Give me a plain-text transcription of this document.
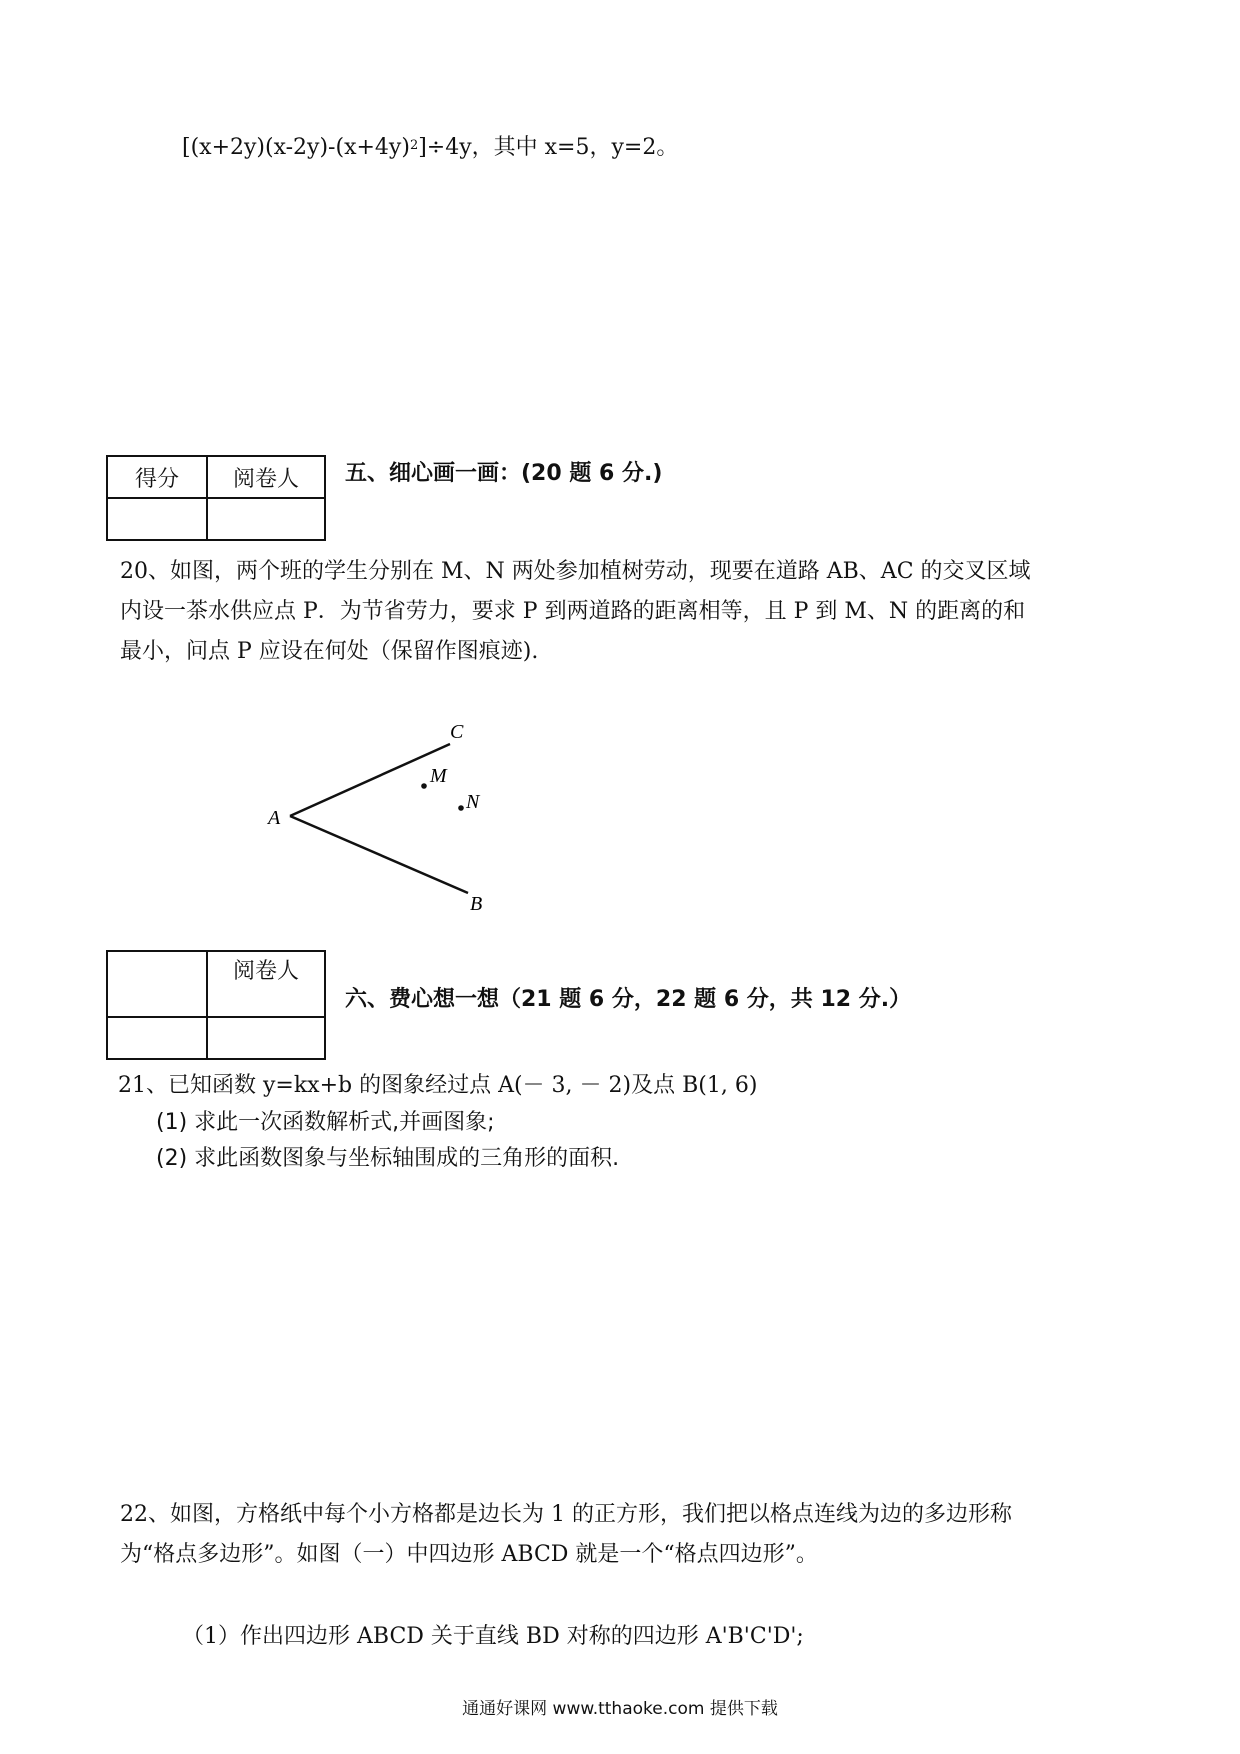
$[(x+2y)(x-2y)-(x+4y)^2]\div 4y$，其中 x=5，y=2。
得分	阅卷人
	五、细心画一画：(20 题 6 分.)
20、如图，两个班的学生分别在 M、N 两处参加植树劳动，现要在道路 AB、AC 的交叉区域
内设一茶水供应点 P．为节省劳力，要求 P 到两道路的距离相等，且 P 到 M、N 的距离的和
最小，问点 P 应设在何处（保留作图痕迹).
A
B
C
M
N
	阅卷人

六、费心想一想（21 题 6 分，22 题 6 分，共 12 分.）
21、已知函数 y=kx+b 的图象经过点 A(－ 3, － 2)及点 B(1, 6)
(1) 求此一次函数解析式,并画图象;
(2) 求此函数图象与坐标轴围成的三角形的面积.
22、如图，方格纸中每个小方格都是边长为 1 的正方形，我们把以格点连线为边的多边形称
为“格点多边形”。如图（一）中四边形 ABCD 就是一个“格点四边形”。
（1）作出四边形 ABCD 关于直线 BD 对称的四边形 A'B'C'D';
通通好课网 www.tthaoke.com 提供下载
